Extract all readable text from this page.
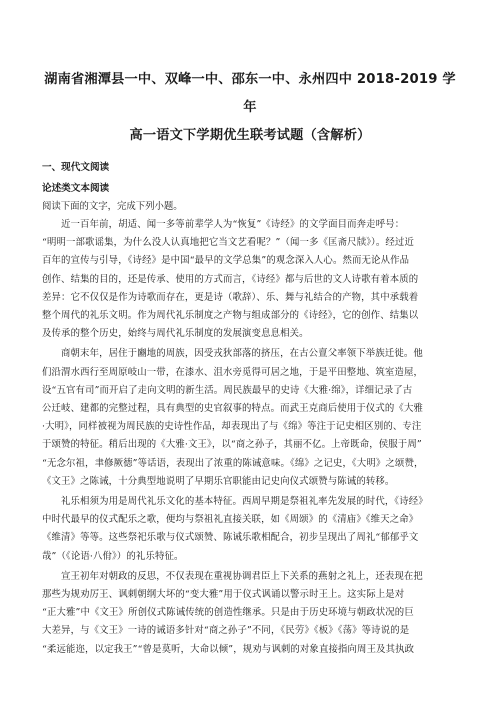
湖南省湘潭县一中、双峰一中、邵东一中、永州四中 2018-2019 学年
高一语文下学期优生联考试题（含解析）
一、现代文阅读
论述类文本阅读
阅读下面的文字，完成下列小题。
近一百年前，胡适、闻一多等前辈学人为“恢复”《诗经》的文学面目而奔走呼号：
“明明一部歌谣集，为什么没人认真地把它当文艺看呢？”（闻一多《匡斋尺牍》）。经过近
百年的宣传与引导，《诗经》是中国“最早的文学总集”的观念深入人心。然而无论从作品
创作、结集的目的，还是传承、使用的方式而言，《诗经》都与后世的文人诗歌有着本质的
差异：它不仅仅是作为诗歌而存在，更是诗（歌辞）、乐、舞与礼结合的产物，其中承载着
整个周代的礼乐文明。作为周代礼乐制度之产物与组成部分的《诗经》，它的创作、结集以
及传承的整个历史，始终与周代礼乐制度的发展演变息息相关。
商朝末年，居住于豳地的周族，因受戎狄部落的挤压，在古公亶父率领下举族迁徙。他
们沿渭水西行至周原岐山一带，在漆水、沮水旁觅得可居之地，于是平田整地、筑室造屋，
设“五官有司”而开启了走向文明的新生活。周民族最早的史诗《大雅·绵》，详细记录了古
公迁岐、建都的完整过程，具有典型的史官叙事的特点。而武王克商后使用于仪式的《大雅
·大明》，同样被视为周民族的史诗性作品，却表现出了与《绵》等注于记史相区别的、专注
于颂赞的特征。稍后出现的《大雅·文王》，以“商之孙子，其丽不亿。上帝既命，侯服于周”
“无念尔祖，聿修厥德”等话语，表现出了浓重的陈诫意味。《绵》之记史，《大明》之颂赞，
《文王》之陈诫，十分典型地说明了早期乐官职能由记史向仪式颂赞与陈诫的转移。
礼乐相须为用是周代礼乐文化的基本特征。西周早期是祭祖礼率先发展的时代，《诗经》
中时代最早的仪式配乐之歌，便均与祭祖礼直接关联，如《周颂》的《清庙》《维天之命》
《维清》等等。这些祭祀乐歌与仪式颂赞、陈诫乐歌相配合，初步呈现出了周礼“郁郁乎文
哉”（《论语·八佾》）的礼乐特征。
宣王初年对朝政的反思，不仅表现在重视协调君臣上下关系的燕射之礼上，还表现在把
那些为规劝厉王、讽刺朝纲大坏的“变大雅”用于仪式讽诵以警示时王上。这实际上是对
“正大雅”中《文王》所创仪式陈诫传统的创造性继承。只是由于历史环境与朝政状况的巨
大差异，与《文王》一诗的诫语多针对“商之孙子”不同，《民劳》《板》《荡》等诗说的是
“柔远能迩，以定我王”“曾是莫听，大命以倾”，规劝与讽刺的对象直接指向周王及其执政
